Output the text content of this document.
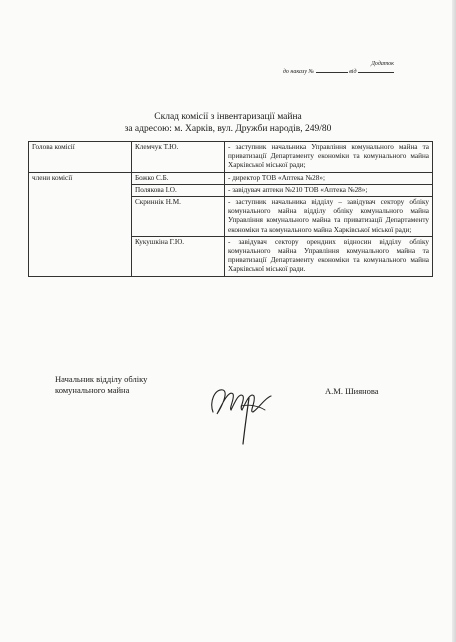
Додаток
до наказу №	від
Склад комісії з інвентаризації майна
за адресою: м. Харків, вул. Дружби народів, 249/80
Голова комісії	Клемчук Т.Ю.	- заступник начальника Управління комунального майна та приватизації Департаменту економіки та комунального майна Харківської міської ради;
члени комісії	Божко С.Б.	- директор ТОВ «Аптека №28»;
	Полякова І.О.	- завідувач аптеки №210 ТОВ «Аптека №28»;
	Скриннік Н.М.	- заступник начальника відділу – завідувач сектору обліку комунального майна відділу обліку комунального майна Управління комунального майна та приватизації Департаменту економіки та комунального майна Харківської міської ради;
	Кукушкіна Г.Ю.	- завідувач сектору орендних відносин відділу обліку комунального майна Управління комунального майна та приватизації Департаменту економіки та комунального майна Харківської міської ради.
Начальник відділу обліку
комунального майна	А.М. Шиянова
